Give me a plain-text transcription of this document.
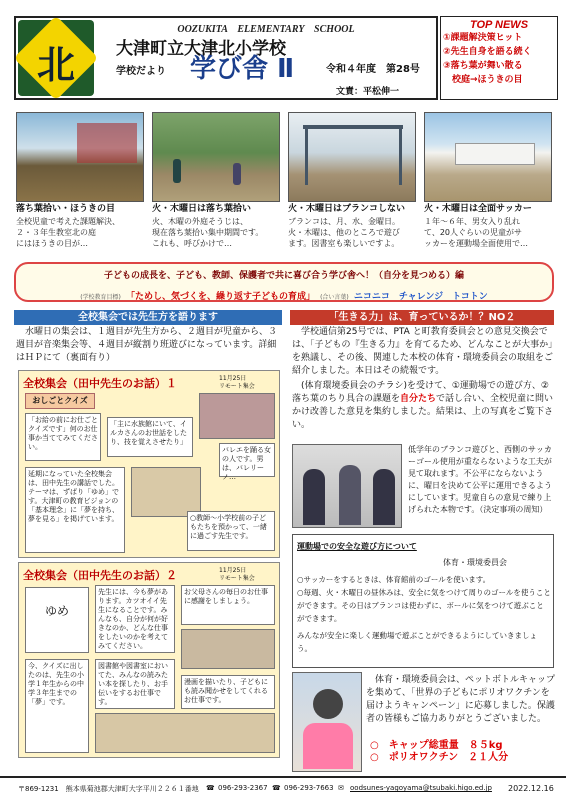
北
OOZUKITA　ELEMENTARY　SCHOOL
大津町立大津北小学校
学校だより 学び舎 Ⅱ	令和４年度　第28号
文責：平松伸一
TOP NEWS
①課題解決策ヒット
②先生自身を語る続く
③落ち葉が舞い散る
　校庭→ほうきの目
落ち葉拾い・ほうきの目	火・木曜日は落ち葉拾い	火・木曜日はブランコしない 火・木曜日は全面サッカー
全校児童で考えた課題解決、
２・３年生教室北の庭
にはほうきの目が…
火、木曜の外庭そうじは、
現在落ち葉拾い集中期間です。
これも、呼びかけで…
ブランコは、月、水、金曜日。
火・木曜は、他のところで遊び
ます。図書室も楽しいですよ。
１年〜６年、男女入り乱れ
て、20人ぐらいの児童がサ
ッカーを運動場全面使用で…
子どもの成長を、子ども、教師、保護者で共に喜び合う学び舎へ！（自分を見つめる）編
(学校教育目標) 「ためし、気づくを、繰り返す子どもの育成」 (合い言葉) ニコニコ　チャレンジ　トコトン
全校集会では先生方を語ります
　水曜日の集会は、１週目が先生方から、２週目が児童から、３週目が音楽集会等、４週目が縦割り班遊びになっています。詳細はＨＰにて（裏面有り）
全校集会（田中先生のお話）１	11月25日
リモート集会
おしごとクイズ
「お給の前にお仕ごとクイズです」何のお仕事か当ててみてください。
「主に水族館にいて、イルカさんのお世話をしたり、技を覚えさせたり」
バレエを踊る女の人です。男は、バレリーノ…
延期になっていた全校集会は、田中先生の講話でした。テーマは、ずばり「ゆめ」です。大津町の教育ビジョンの「基本理念」に「夢を持ち、夢を見る」を掲げています。	○教師〜小学校前の子どもたちを預かって、一緒に過ごす先生です。
全校集会（田中先生のお話）２	11月25日
リモート集会
ゆめ
先生には、今も夢があります。カツオイイ先生になることです。みんなも、自分が何が好きなのか、どんな仕事をしたいのかを考えてみてください。
お父母さんの毎日のお仕事に感謝をしましょう。
図書館や図書室においてた、みんなの読みたい本を探したり、お手伝いをするお仕事です。
今、クイズに出したのは、先生の小学１年生からの中学３年生までの「夢」です。
漫画を描いたり、子どもにも読み聞かせをしてくれるお仕事です。
「生きる力」は、育っているか！？NO２
　学校通信第25号では、PTA と町教育委員会との意見交換会では、「子どもの『生きる力』を育てるため、どんなことが大事か」を熟議し、その後、関連した本校の体育・環境委員会の取組をご紹介しました。本日はその続報です。
　(体育環境委員会のチラシ)を受けて、①運動場での遊び方、②落ち葉のちり具合の課題を自分たちで話し合い、全校児童に問いかけ改善した意見を集約しました。結果は、上の写真をご覧下さい。
低学年のブランコ遊びと、西側のサッカーゴール使用が重ならないような工夫が見て取れます。不公平にならないように、曜日を決めて公平に運用できるようにしています。児童自らの意見で練り上げられた本物です。（決定事項の周知）
運動場での安全な遊び方について
体育・環境委員会
○サッカーをするときは、体育館前のゴールを使います。
○毎週、火・木曜日の昼休みは、安全に気をつけて周りのゴールを使うことができます。その日はブランコは使わずに、ボールに気をつけて遊ぶことができます。
みんなが安全に楽しく運動場で遊ぶことができるようにしていきましょう。
　体育・環境委員会は、ペットボトルキャップを集めて、「世界の子どもにポリオワクチンを届けようキャンペーン」に応募しました。保護者の皆様もご協力ありがとうございました。
○　キャップ総重量　８５kg
○　ポリオワクチン　２１人分
〒869-1231　熊本県菊池郡大津町大字平川２２６１番地 ☎ 096-293-2367 ☎ 096-293-7663 ✉ oodsunes-yagoyama@tsubaki.higo.ed.jp 2022.12.16
